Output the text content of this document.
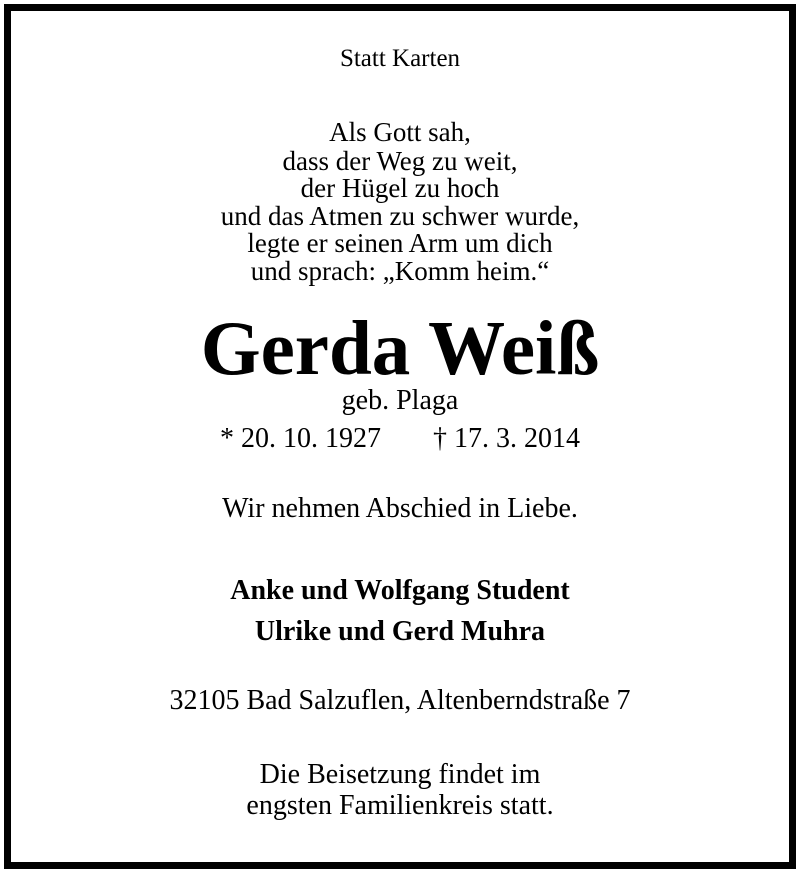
Statt Karten
Als Gott sah,
dass der Weg zu weit,
der Hügel zu hoch
und das Atmen zu schwer wurde,
legte er seinen Arm um dich
und sprach: „Komm heim.“
Gerda Weiß
geb. Plaga
* 20. 10. 1927 † 17. 3. 2014
Wir nehmen Abschied in Liebe.
Anke und Wolfgang Student
Ulrike und Gerd Muhra
32105 Bad Salzuflen, Altenberndstraße 7
Die Beisetzung findet im
engsten Familienkreis statt.
